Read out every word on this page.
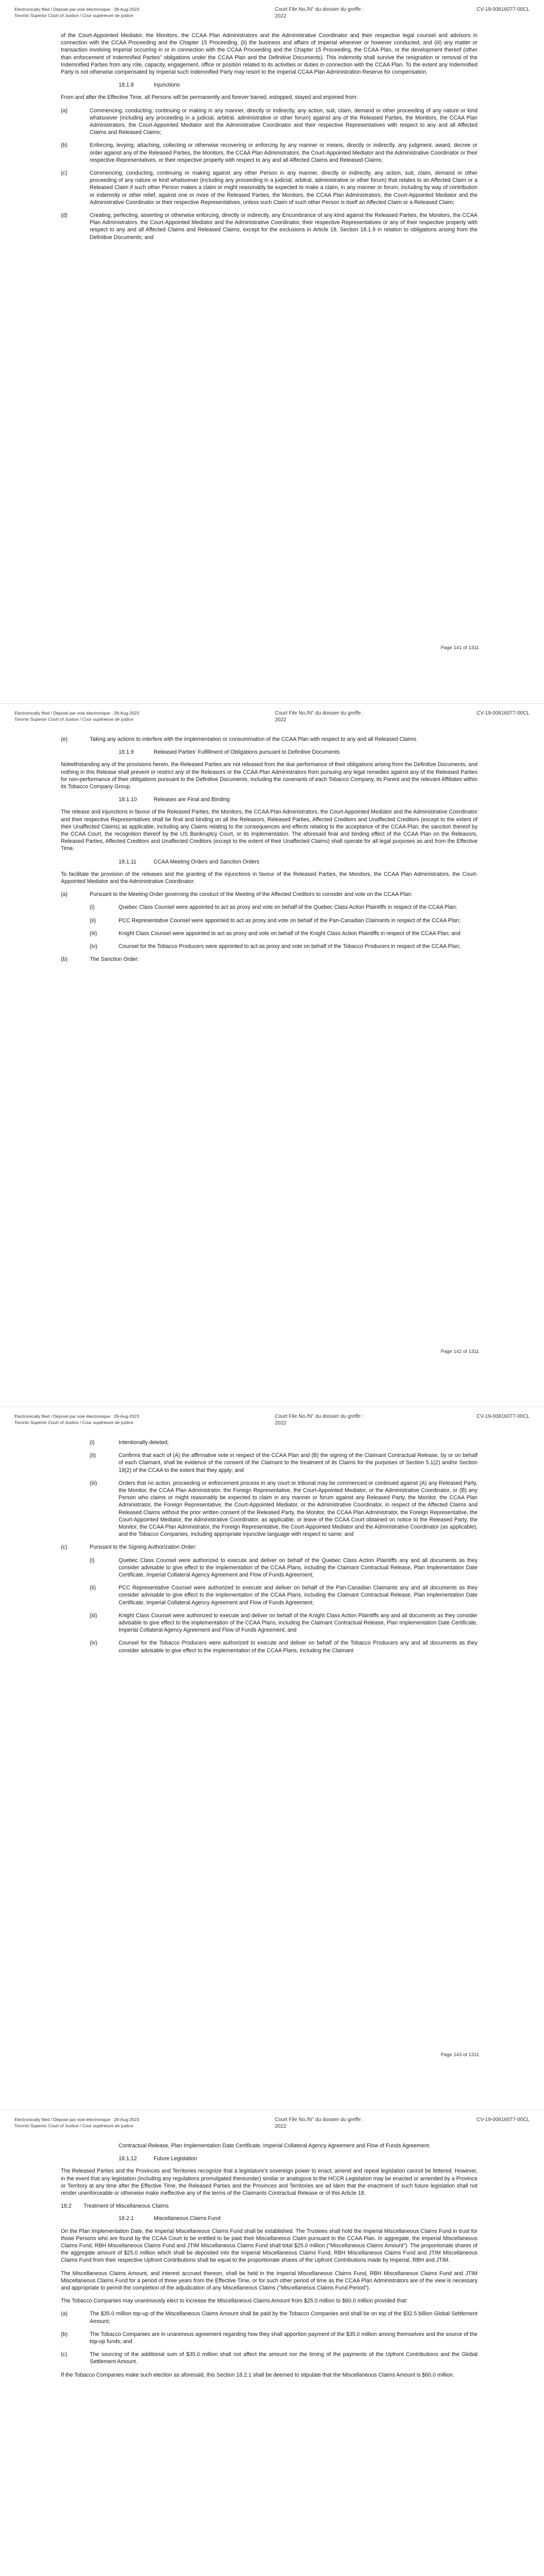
Electronically filed / Déposé par voie électronique : 28-Aug-2023
Toronto Superior Court of Justice / Cour supérieure de justice
Court File No./N° du dossier du greffe :
2022
CV-19-00616077-00CL

of the Court-Appointed Mediator, the Monitors, the CCAA Plan Administrators and the Administrative Coordinator and their respective legal counsel and advisors in connection with the CCAA Proceeding and the Chapter 15 Proceeding, (ii) the business and affairs of Imperial wherever or however conducted, and (iii) any matter or transaction involving Imperial occurring in or in connection with the CCAA Proceeding and the Chapter 15 Proceeding, the CCAA Plan, or the development thereof (other than enforcement of Indemnified Parties" obligations under the CCAA Plan and the Definitive Documents). This indemnity shall survive the resignation or removal of the Indemnified Parties from any role, capacity, engagement, office or position related to its activities or duties in connection with the CCAA Plan. To the extent any Indemnified Party is not otherwise compensated by Imperial such Indemnified Party may resort to the Imperial CCAA Plan Administration Reserve for compensation.

18.1.8	Injunctions

From and after the Effective Time, all Persons will be permanently and forever barred, estopped, stayed and enjoined from:

(a)	Commencing, conducting, continuing or making in any manner, directly or indirectly, any action, suit, claim, demand or other proceeding of any nature or kind whatsoever (including any proceeding in a judicial, arbitral, administrative or other forum) against any of the Released Parties, the Monitors, the CCAA Plan Administrators, the Court-Appointed Mediator and the Administrative Coordinator and their respective Representatives with respect to any and all Affected Claims and Released Claims;
(b)	Enforcing, levying, attaching, collecting or otherwise recovering or enforcing by any manner or means, directly or indirectly, any judgment, award, decree or order against any of the Released Parties, the Monitors, the CCAA Plan Administrators, the Court-Appointed Mediator and the Administrative Coordinator or their respective Representatives, or their respective property with respect to any and all Affected Claims and Released Claims;
(c)	Commencing, conducting, continuing or making against any other Person in any manner, directly or indirectly, any action, suit, claim, demand or other proceeding of any nature or kind whatsoever (including any proceeding in a judicial, arbitral, administrative or other forum) that relates to an Affected Claim or a Released Claim if such other Person makes a claim or might reasonably be expected to make a claim, in any manner or forum, including by way of contribution or indemnity or other relief, against one or more of the Released Parties, the Monitors, the CCAA Plan Administrators, the Court-Appointed Mediator and the Administrative Coordinator or their respective Representatives, unless such Claim of such other Person is itself an Affected Claim or a Released Claim;
(d)	Creating, perfecting, asserting or otherwise enforcing, directly or indirectly, any Encumbrance of any kind against the Released Parties, the Monitors, the CCAA Plan Administrators, the Court-Appointed Mediator and the Administrative Coordinator, their respective Representatives or any of their respective property with respect to any and all Affected Claims and Released Claims, except for the exclusions in Article 18, Section 18.1.9 in relation to obligations arising from the Definitive Documents; and
Page 141 of 1311
Electronically filed / Déposé par voie électronique : 28-Aug-2023
Toronto Superior Court of Justice / Cour supérieure de justice
Court File No./N° du dossier du greffe :
2022
CV-19-00616077-00CL
(e)	Taking any actions to interfere with the implementation or consummation of the CCAA Plan with respect to any and all Released Claims.
18.1.9	Released Parties' Fulfillment of Obligations pursuant to Definitive Documents

Notwithstanding any of the provisions herein, the Released Parties are not released from the due performance of their obligations arising from the Definitive Documents, and nothing in this Release shall prevent or restrict any of the Releasors or the CCAA Plan Administrators from pursuing any legal remedies against any of the Released Parties for non-performance of their obligations pursuant to the Definitive Documents, including the covenants of each Tobacco Company, its Parent and the relevant Affiliates within its Tobacco Company Group.

18.1.10	Releases are Final and Binding

The release and injunctions in favour of the Released Parties, the Monitors, the CCAA Plan Administrators, the Court-Appointed Mediator and the Administrative Coordinator and their respective Representatives shall be final and binding on all the Releasors, Released Parties, Affected Creditors and Unaffected Creditors (except to the extent of their Unaffected Claims) as applicable, including any Claims relating to the consequences and effects relating to the acceptance of the CCAA Plan, the sanction thereof by the CCAA Court, the recognition thereof by the US Bankruptcy Court, or its implementation. The aforesaid final and binding effect of the CCAA Plan on the Releasors, Released Parties, Affected Creditors and Unaffected Creditors (except to the extent of their Unaffected Claims) shall operate for all legal purposes as and from the Effective Time.

18.1.11	CCAA Meeting Orders and Sanction Orders

To facilitate the provision of the releases and the granting of the injunctions in favour of the Released Parties, the Monitors, the CCAA Plan Administrators, the Court-Appointed Mediator and the Administrative Coordinator:

(a)	Pursuant to the Meeting Order governing the conduct of the Meeting of the Affected Creditors to consider and vote on the CCAA Plan:
(i)	Quebec Class Counsel were appointed to act as proxy and vote on behalf of the Quebec Class Action Plaintiffs in respect of the CCAA Plan;
(ii)	PCC Representative Counsel were appointed to act as proxy and vote on behalf of the Pan-Canadian Claimants in respect of the CCAA Plan;
(iii)	Knight Class Counsel were appointed to act as proxy and vote on behalf of the Knight Class Action Plaintiffs in respect of the CCAA Plan; and
(iv)	Counsel for the Tobacco Producers were appointed to act as proxy and vote on behalf of the Tobacco Producers in respect of the CCAA Plan;
(b)	The Sanction Order:
Page 142 of 1311
Electronically filed / Déposé par voie électronique : 28-Aug-2023
Toronto Superior Court of Justice / Cour supérieure de justice
Court File No./N° du dossier du greffe :
2022
CV-19-00616077-00CL
(i)	Intentionally deleted;
(ii)	Confirms that each of (A) the affirmative vote in respect of the CCAA Plan and (B) the signing of the Claimant Contractual Release, by or on behalf of each Claimant, shall be evidence of the consent of the Claimant to the treatment of its Claims for the purposes of Section 5.1(2) and/or Section 19(2) of the CCAA to the extent that they apply; and
(iii)	Orders that no action, proceeding or enforcement process in any court or tribunal may be commenced or continued against (A) any Released Party, the Monitor, the CCAA Plan Administrator, the Foreign Representative, the Court-Appointed Mediator, or the Administrative Coordinator, or (B) any Person who claims or might reasonably be expected to claim in any manner or forum against any Released Party, the Monitor, the CCAA Plan Administrator, the Foreign Representative, the Court-Appointed Mediator, or the Administrative Coordinator, in respect of the Affected Claims and Released Claims without the prior written consent of the Released Party, the Monitor, the CCAA Plan Administrator, the Foreign Representative, the Court-Appointed Mediator, the Administrative Coordinator, as applicable, or leave of the CCAA Court obtained on notice to the Released Party, the Monitor, the CCAA Plan Administrator, the Foreign Representative, the Court-Appointed Mediator and the Administrative Coordinator (as applicable), and the Tobacco Companies, including appropriate injunctive language with respect to same; and
(c)	Pursuant to the Signing Authorization Order:
(i)	Quebec Class Counsel were authorized to execute and deliver on behalf of the Quebec Class Action Plaintiffs any and all documents as they consider advisable to give effect to the implementation of the CCAA Plans, including the Claimant Contractual Release, Plan Implementation Date Certificate, Imperial Collateral Agency Agreement and Flow of Funds Agreement;
(ii)	PCC Representative Counsel were authorized to execute and deliver on behalf of the Pan-Canadian Claimants any and all documents as they consider advisable to give effect to the implementation of the CCAA Plans, including the Claimant Contractual Release, Plan Implementation Date Certificate, Imperial Collateral Agency Agreement and Flow of Funds Agreement;
(iii)	Knight Class Counsel were authorized to execute and deliver on behalf of the Knight Class Action Plaintiffs any and all documents as they consider advisable to give effect to the implementation of the CCAA Plans, including the Claimant Contractual Release, Plan Implementation Date Certificate, Imperial Collateral Agency Agreement and Flow of Funds Agreement; and
(iv)	Counsel for the Tobacco Producers were authorized to execute and deliver on behalf of the Tobacco Producers any and all documents as they consider advisable to give effect to the implementation of the CCAA Plans, including the Claimant
Page 143 of 1311
Electronically filed / Déposé par voie électronique : 28-Aug-2023
Toronto Superior Court of Justice / Cour supérieure de justice
Court File No./N° du dossier du greffe :
2022
CV-19-00616077-00CL

Contractual Release, Plan Implementation Date Certificate, Imperial Collateral Agency Agreement and Flow of Funds Agreement.

18.1.12	Future Legislation

The Released Parties and the Provinces and Territories recognize that a legislature's sovereign power to enact, amend and repeal legislation cannot be fettered. However, in the event that any legislation (including any regulations promulgated thereunder) similar or analogous to the HCCR Legislation may be enacted or amended by a Province or Territory at any time after the Effective Time, the Released Parties and the Provinces and Territories are ad idem that the enactment of such future legislation shall not render unenforceable or otherwise make ineffective any of the terms of the Claimants Contractual Release or of this Article 18.

18.2	Treatment of Miscellaneous Claims
18.2.1	Miscellaneous Claims Fund

On the Plan Implementation Date, the Imperial Miscellaneous Claims Fund shall be established. The Trustees shall hold the Imperial Miscellaneous Claims Fund in trust for those Persons who are found by the CCAA Court to be entitled to be paid their Miscellaneous Claim pursuant to the CCAA Plan. In aggregate, the Imperial Miscellaneous Claims Fund, RBH Miscellaneous Claims Fund and JTIM Miscellaneous Claims Fund shall total $25.0 million ("Miscellaneous Claims Amount"). The proportionate shares of the aggregate amount of $25.0 million which shall be deposited into the Imperial Miscellaneous Claims Fund, RBH Miscellaneous Claims Fund and JTIM Miscellaneous Claims Fund from their respective Upfront Contributions shall be equal to the proportionate shares of the Upfront Contributions made by Imperial, RBH and JTIM.

The Miscellaneous Claims Amount, and interest accrued thereon, shall be held in the Imperial Miscellaneous Claims Fund, RBH Miscellaneous Claims Fund and JTIM Miscellaneous Claims Fund for a period of three years from the Effective Time, or for such other period of time as the CCAA Plan Administrators are of the view is necessary and appropriate to permit the completion of the adjudication of any Miscellaneous Claims ("Miscellaneous Claims Fund Period").

The Tobacco Companies may unanimously elect to increase the Miscellaneous Claims Amount from $25.0 million to $60.0 million provided that:

(a)	The $35.0 million top-up of the Miscellaneous Claims Amount shall be paid by the Tobacco Companies and shall be on top of the $32.5 billion Global Settlement Amount;
(b)	The Tobacco Companies are in unanimous agreement regarding how they shall apportion payment of the $35.0 million among themselves and the source of the top-up funds; and
(c)	The sourcing of the additional sum of $35.0 million shall not affect the amount nor the timing of the payments of the Upfront Contributions and the Global Settlement Amount.

If the Tobacco Companies make such election as aforesaid, this Section 18.2.1 shall be deemed to stipulate that the Miscellaneous Claims Amount is $60.0 million.
